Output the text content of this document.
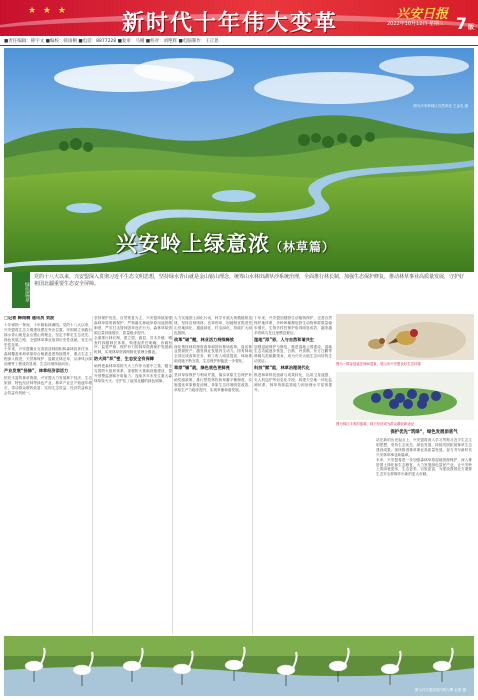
★ ★ ★ 新时代十年伟大变革	兴安日报
2022年10月12日 星期三 7版
■责任编辑：韩宇文 ■编校：韩雨桐 ■电话：8877228 ■复审：马刚 ■校对：刘艳辉 ■电脑制作：王正思
图为兴安岭林区自然风光 王金友 摄
兴安岭上绿意浓（林草篇）
绿色篇章

党的十八大以来，兴安盟深入贯彻习近平生态文明思想，坚持绿水青山就是金山银山理念，统筹山水林田湖草沙系统治理，全面推行林长制，加强生态保护修复，推动林草事业高质量发展，守护好祖国北疆重要生态安全屏障。

□记者 韩雨桐 通讯员 刘波

十年弹指一挥间，十年耕耘绿满园。党的十八大以来，兴安盟将生态文明建设摆在突出位置，牢固树立和践行绿水青山就是金山银山的理念，坚定不移走生态优先、绿色发展之路，全盟林草事业取得历史性成就，发生历史性变革。

十年来，兴安盟累计完成营造林面积和森林抚育任务，森林覆盖率和草原综合植被盖度持续提升，重点生态工程深入推进，天然林保护、退耕还林还草、京津风沙源治理等工程成效显著，生态环境持续向好。

产业发展“扬绿”，林草经济添活力

依托丰富的林草资源，兴安盟大力发展林下经济、生态旅游、特色经济林等绿色产业，林草产业总产值逐年增长，带动群众增收致富，实现生态效益、经济效益和社会效益有机统一。

坚持保护优先、自然恢复为主，兴安盟持续加强森林草原资源保护，严格落实林地草原用途管制制度，严厉打击毁林毁草违法行为，森林草原资源总量持续增长、质量稳步提升。

全面推行林长制，建立盟、旗县、苏木乡镇、嘎查村四级林长体系，构建起责任明确、协调有序、监管严格、保护有力的林草资源保护发展新机制，实现林草资源网格化管理全覆盖。

防火网“织”密，生态安全有保障

始终把森林草原防灭火工作作为重中之重，健全完善防火组织体系，加强防火基础设施建设，提升预警监测和扑救能力，连续多年未发生重大森林草原火灾，守护住了祖国北疆的绿色屏障。

大力实施国土绿化行动，科学开展大规模植树造林，坚持宜林则林、宜草则草，因地制宜推进荒山荒地绿化、通道绿化、村屯绿化，持续扩大绿色版图。

改革“破”题，林业活力持续释放

深化集体林权制度改革和国有林场改革，盘活林业资源资产，激发林业发展内生动力。国有林场全部完成改革任务，职工收入明显提高，林场基础设施不断完善，生态保护职能进一步强化。

草原“铺”就，绿色底色更鲜亮

坚持草原保护与利用并重，落实草原生态保护补助奖励政策，推行禁牧休牧和草畜平衡制度，实施退化草原修复治理，草原生态环境明显改善，草原生产力稳步提升，实现草畜和谐发展。

十年来，兴安盟加强野生动植物保护，完善自然保护地体系，多种珍稀濒危野生动物种群数量稳步增长，生物多样性保护取得明显成效，越来越多的候鸟在这里栖息繁衍。

湿地“添”彩，人与自然和谐共生

加强湿地保护与修复，推进湿地公园建设，湿地生态功能逐步恢复，白鹤、丹顶鹤、东方白鹳等珍稀鸟类频繁现身，成为兴安大地生态向好的生动见证。

科技“赋”能，林草治理现代化

推进林草科技创新与成果转化，运用卫星遥感、无人机巡护等信息化手段，构建天空地一体化监测体系，林草资源监管能力和治理水平显著提升。

图为一群金翅雀在林间觅食，展示出兴安盟良好生态环境
图为林区丰收的蓝莓，林下经济成为群众增收新途径
保护优先“筑绿”，绿色发展添底气

站在新的历史起点上，兴安盟将深入学习贯彻习近平生态文明思想，坚持生态优先、绿色发展，持续巩固拓展林草生态建设成果，加快推进林草事业高质量发展，奋力书写新时代兴安林草事业新篇章。

未来，兴安盟将进一步加强森林草原湿地资源保护，深入推进国土绿化和生态修复，大力发展绿色富民产业，让兴安岭上的绿意更浓、生态更美、百姓更富，为建设我国北方重要生态安全屏障作出新的更大贡献。

图为兴安盟湿地内的白鹭 记者 摄
